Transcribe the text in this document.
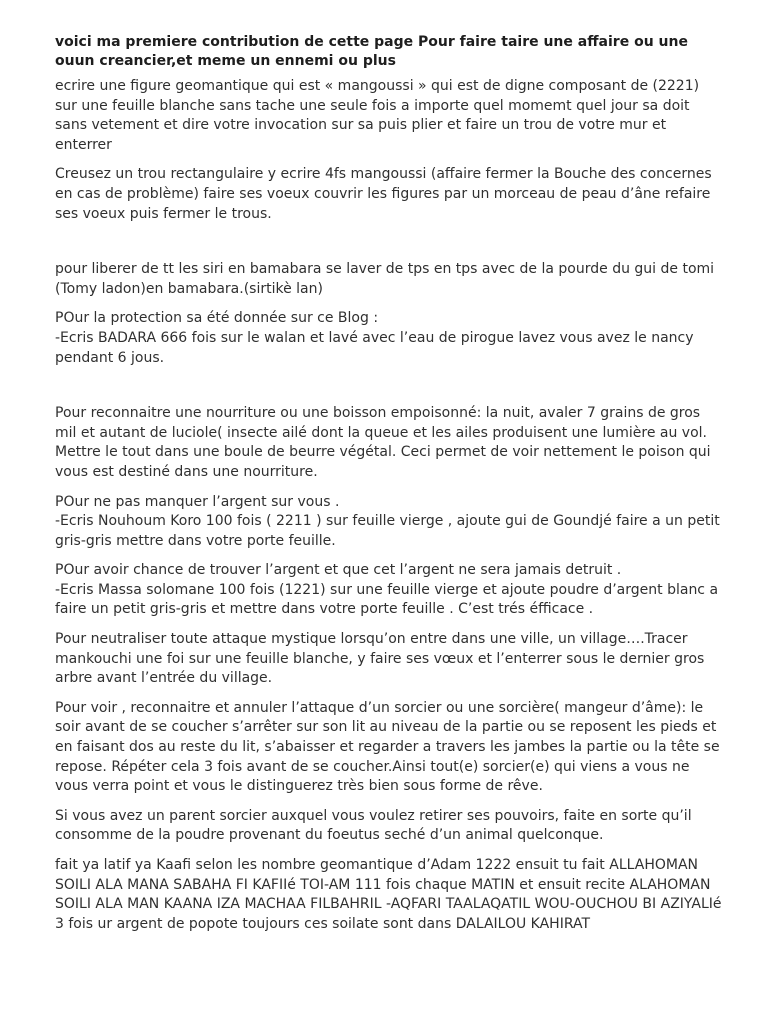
voici ma premiere contribution de cette page Pour faire taire une affaire ou une ouun creancier,et meme un ennemi ou plus
ecrire une figure geomantique qui est « mangoussi » qui est de digne composant de (2221) sur une feuille blanche sans tache une seule fois a importe quel momemt quel jour sa doit sans vetement et dire votre invocation sur sa puis plier et faire un trou de votre mur et enterrer
Creusez un trou rectangulaire y ecrire 4fs mangoussi (affaire fermer la Bouche des concernes en cas de problème) faire ses voeux couvrir les figures par un morceau de peau d’âne refaire ses voeux puis fermer le trous.
pour liberer de tt les siri en bamabara se laver de tps en tps avec de la pourde du gui de tomi (Tomy ladon)en bamabara.(sirtikè lan)
POur la protection sa été donnée sur ce Blog :
-Ecris BADARA 666 fois sur le walan et lavé avec l’eau de pirogue lavez vous avez le nancy pendant 6 jous.
Pour reconnaitre une nourriture ou une boisson empoisonné: la nuit, avaler 7 grains de gros mil et autant de luciole( insecte ailé dont la queue et les ailes produisent une lumière au vol. Mettre le tout dans une boule de beurre végétal. Ceci permet de voir nettement le poison qui vous est destiné dans une nourriture.
POur ne pas manquer l’argent sur vous .
-Ecris Nouhoum Koro 100 fois ( 2211 ) sur feuille vierge , ajoute gui de Goundjé faire a un petit gris-gris mettre dans votre porte feuille.
POur avoir chance de trouver l’argent et que cet l’argent ne sera jamais detruit .
-Ecris Massa solomane 100 fois (1221) sur une feuille vierge et ajoute poudre d’argent blanc a faire un petit gris-gris et mettre dans votre porte feuille . C’est trés éfficace .
Pour neutraliser toute attaque mystique lorsqu’on entre dans une ville, un village….Tracer mankouchi une foi sur une feuille blanche, y faire ses vœux et l’enterrer sous le dernier gros arbre avant l’entrée du village.
Pour voir , reconnaitre et annuler l’attaque d’un sorcier ou une sorcière( mangeur d’âme): le soir avant de se coucher s’arrêter sur son lit au niveau de la partie ou se reposent les pieds et en faisant dos au reste du lit, s’abaisser et regarder a travers les jambes la partie ou la tête se repose. Répéter cela 3 fois avant de se coucher.Ainsi tout(e) sorcier(e) qui viens a vous ne vous verra point et vous le distinguerez très bien sous forme de rêve.
Si vous avez un parent sorcier auxquel vous voulez retirer ses pouvoirs, faite en sorte qu’il consomme de la poudre provenant du foeutus seché d’un animal quelconque.
fait ya latif ya Kaafi selon les nombre geomantique d’Adam 1222 ensuit tu fait ALLAHOMAN SOILI ALA MANA SABAHA FI KAFIIé TOI-AM 111 fois chaque MATIN et ensuit recite ALAHOMAN SOILI ALA MAN KAANA IZA MACHAA FILBAHRIL -AQFARI TAALAQATIL WOU-OUCHOU BI AZIYALIé 3 fois ur argent de popote toujours ces soilate sont dans DALAILOU KAHIRAT
